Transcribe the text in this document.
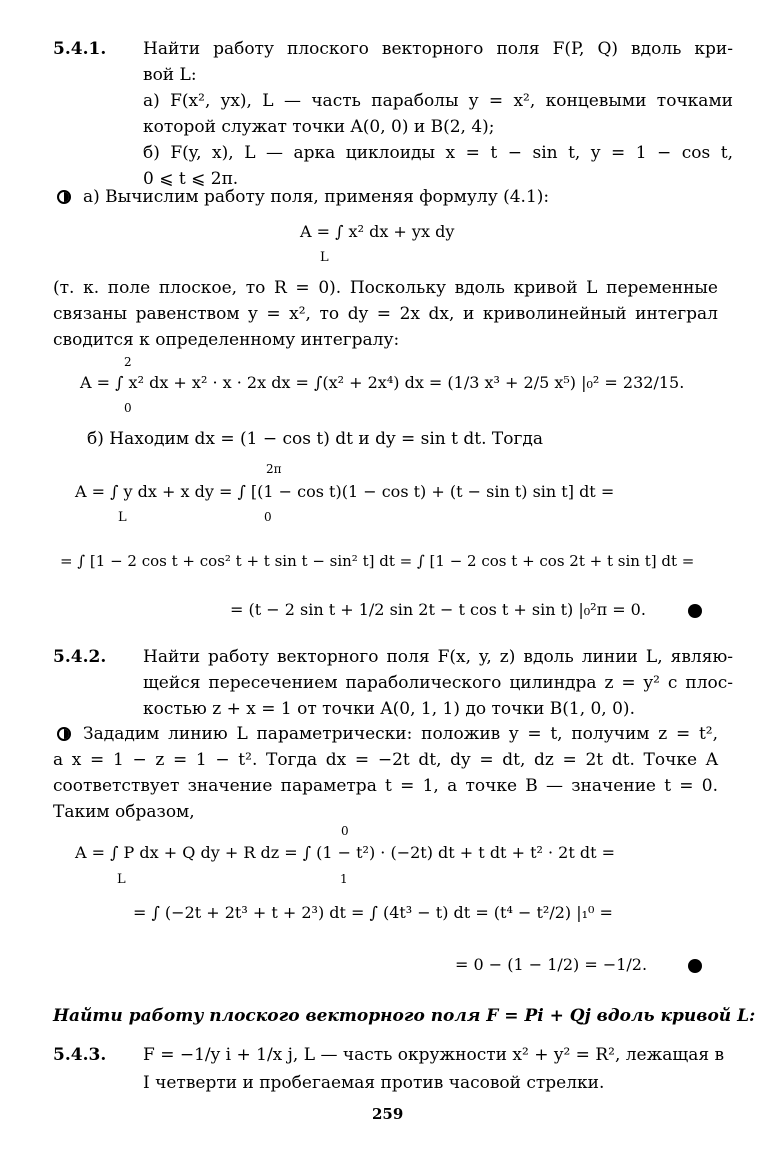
5.4.1. Найти работу плоского векторного поля F(P, Q) вдоль кри-
вой L:
а) F(x², yx), L — часть параболы y = x², концевыми точками
которой служат точки A(0, 0) и B(2, 4);
б) F(y, x), L — арка циклоиды x = t − sin t, y = 1 − cos t,
0 ⩽ t ⩽ 2π.
а) Вычислим работу поля, применяя формулу (4.1):
A = ∫ x² dx + yx dy
L
(т. к. поле плоское, то R = 0). Поскольку вдоль кривой L переменные
связаны равенством y = x², то dy = 2x dx, и криволинейный интеграл
сводится к определенному интегралу:
2
A = ∫ x² dx + x² · x · 2x dx = ∫(x² + 2x⁴) dx = (1/3 x³ + 2/5 x⁵) |₀² = 232/15.
0
б) Находим dx = (1 − cos t) dt и dy = sin t dt. Тогда
2π
A = ∫ y dx + x dy = ∫ [(1 − cos t)(1 − cos t) + (t − sin t) sin t] dt =
L	0
= ∫ [1 − 2 cos t + cos² t + t sin t − sin² t] dt = ∫ [1 − 2 cos t + cos 2t + t sin t] dt =
= (t − 2 sin t + 1/2 sin 2t − t cos t + sin t) |₀²π = 0.
5.4.2. Найти работу векторного поля F(x, y, z) вдоль линии L, являю-
щейся пересечением параболического цилиндра z = y² с плос-
костью z + x = 1 от точки A(0, 1, 1) до точки B(1, 0, 0).
Зададим линию L параметрически: положив y = t, получим z = t²,
а x = 1 − z = 1 − t². Тогда dx = −2t dt, dy = dt, dz = 2t dt. Точке A
соответствует значение параметра t = 1, а точке B — значение t = 0.
Таким образом,
0
A = ∫ P dx + Q dy + R dz = ∫ (1 − t²) · (−2t) dt + t dt + t² · 2t dt =
L	1
= ∫ (−2t + 2t³ + t + 2³) dt = ∫ (4t³ − t) dt = (t⁴ − t²/2) |₁⁰ =
= 0 − (1 − 1/2) = −1/2.
Найти работу плоского векторного поля F = Pi + Qj вдоль кривой L:
5.4.3. F = −1/y i + 1/x j, L — часть окружности x² + y² = R², лежащая в
I четверти и пробегаемая против часовой стрелки.
259
